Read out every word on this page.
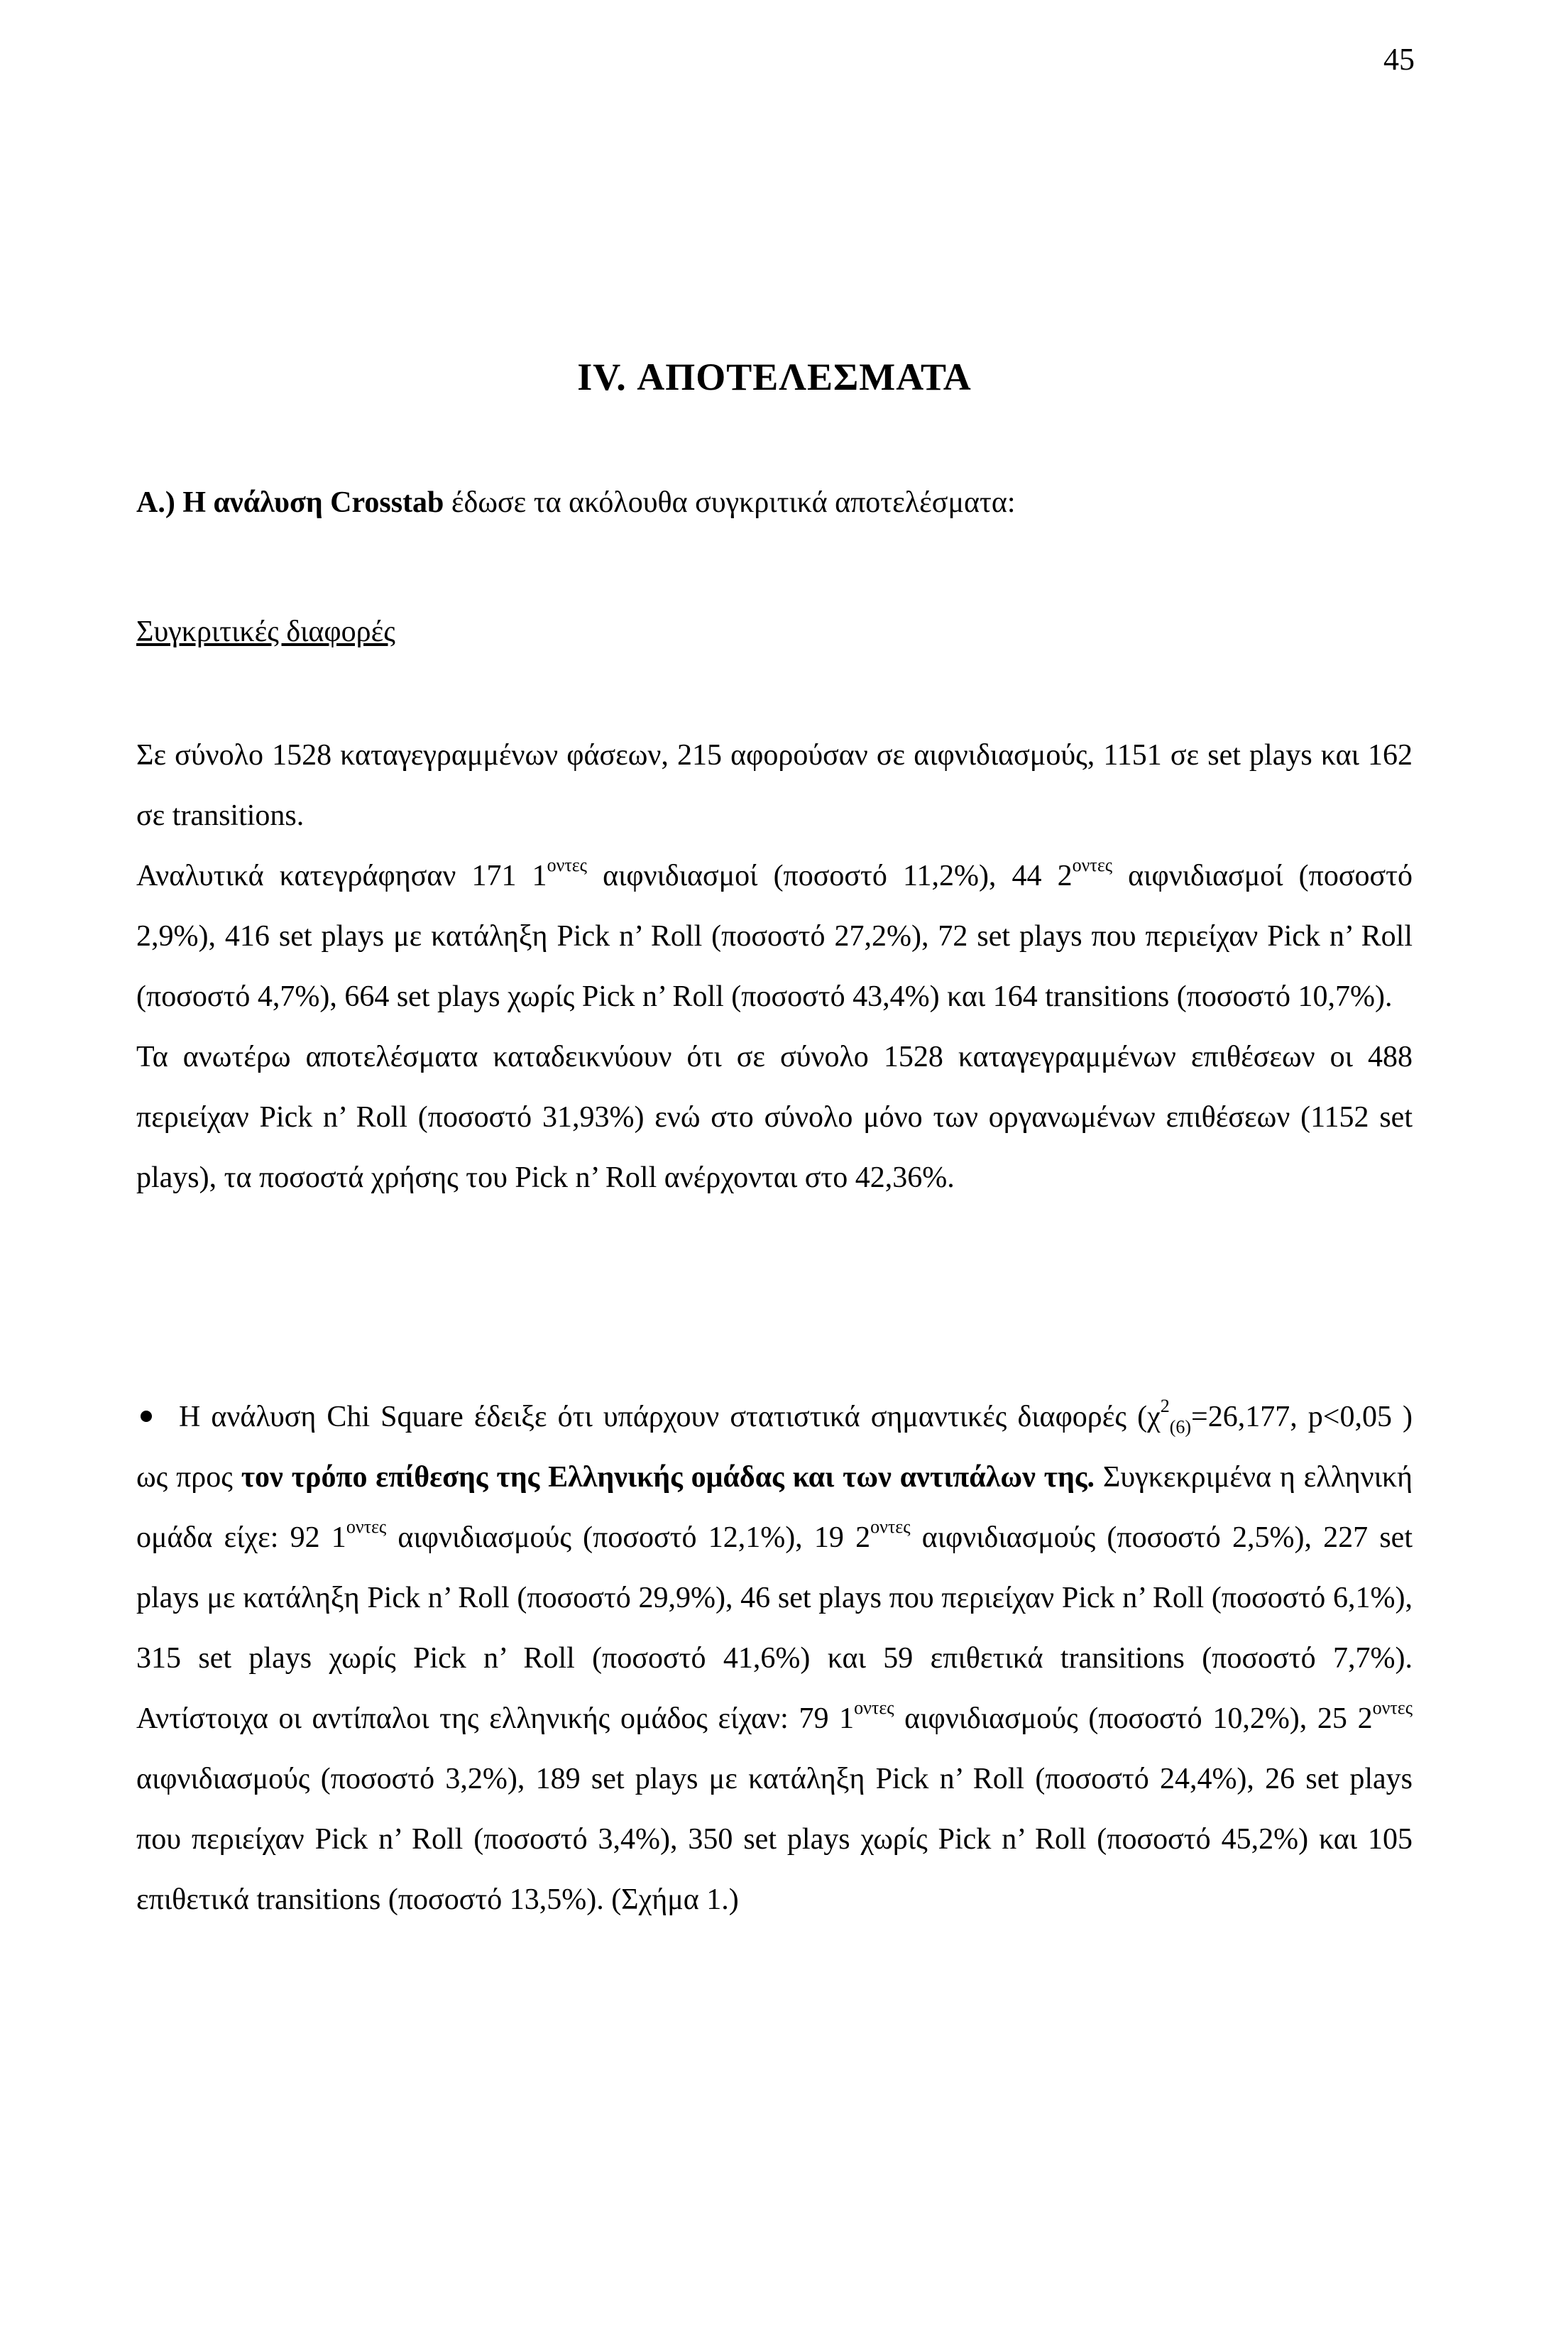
45
IV. ΑΠΟΤΕΛΕΣΜΑΤΑ
Α.) Η ανάλυση Crosstab έδωσε τα ακόλουθα συγκριτικά αποτελέσματα:
Συγκριτικές διαφορές

Σε σύνολο 1528 καταγεγραμμένων φάσεων, 215 αφορούσαν σε αιφνιδιασμούς, 1151 σε set plays και 162 σε transitions.

Αναλυτικά κατεγράφησαν 171 $1^{o\nu\tau\varepsilon\varsigma}$ αιφνιδιασμοί (ποσοστό 11,2%), 44 $2^{o\nu\tau\varepsilon\varsigma}$ αιφνιδιασμοί (ποσοστό 2,9%), 416 set plays με κατάληξη Pick n’ Roll (ποσοστό 27,2%), 72 set plays που περιείχαν Pick n’ Roll (ποσοστό 4,7%), 664 set plays χωρίς Pick n’ Roll (ποσοστό 43,4%) και 164 transitions (ποσοστό 10,7%).

Τα ανωτέρω αποτελέσματα καταδεικνύουν ότι σε σύνολο 1528 καταγεγραμμένων επιθέσεων οι 488 περιείχαν Pick n’ Roll (ποσοστό 31,93%) ενώ στο σύνολο μόνο των οργανωμένων επιθέσεων (1152 set plays), τα ποσοστά χρήσης του Pick n’ Roll ανέρχονται στο 42,36%.

Η ανάλυση Chi Square έδειξε ότι υπάρχουν στατιστικά σημαντικές διαφορές ($\chi^2_{(6)}=26,177$, p<0,05 ) ως προς τον τρόπο επίθεσης της Ελληνικής ομάδας και των αντιπάλων της. Συγκεκριμένα η ελληνική ομάδα είχε: 92 $1^{o\nu\tau\varepsilon\varsigma}$ αιφνιδιασμούς (ποσοστό 12,1%), 19 $2^{o\nu\tau\varepsilon\varsigma}$ αιφνιδιασμούς (ποσοστό 2,5%), 227 set plays με κατάληξη Pick n’ Roll (ποσοστό 29,9%), 46 set plays που περιείχαν Pick n’ Roll (ποσοστό 6,1%), 315 set plays χωρίς Pick n’ Roll (ποσοστό 41,6%) και 59 επιθετικά transitions (ποσοστό 7,7%). Αντίστοιχα οι αντίπαλοι της ελληνικής ομάδος είχαν: 79 $1^{o\nu\tau\varepsilon\varsigma}$ αιφνιδιασμούς (ποσοστό 10,2%), 25 $2^{o\nu\tau\varepsilon\varsigma}$ αιφνιδιασμούς (ποσοστό 3,2%), 189 set plays με κατάληξη Pick n’ Roll (ποσοστό 24,4%), 26 set plays που περιείχαν Pick n’ Roll (ποσοστό 3,4%), 350 set plays χωρίς Pick n’ Roll (ποσοστό 45,2%) και 105 επιθετικά transitions (ποσοστό 13,5%). (Σχήμα 1.)
